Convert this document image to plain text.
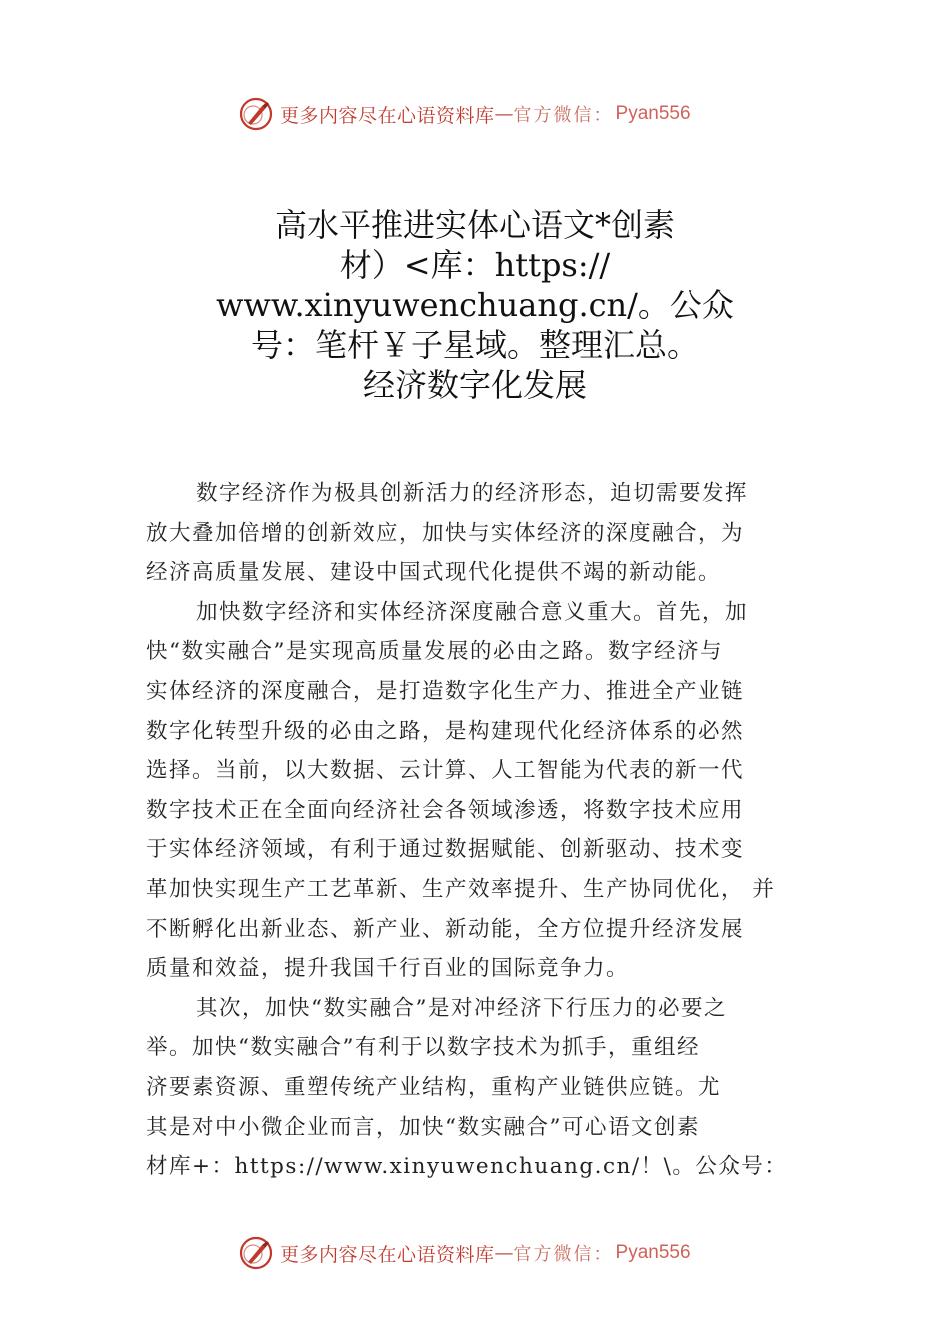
更多内容尽在心语资料库 — 官方微信： Pyan556
高水平推进实体心语文*创素
材）<库：https://
www.xinyuwenchuang.cn/。公众
号：笔杆￥子星域。整理汇总。
经济数字化发展
数字经济作为极具创新活力的经济形态，迫切需要发挥
放大叠加倍增的创新效应，加快与实体经济的深度融合，为
经济高质量发展、建设中国式现代化提供不竭的新动能。
加快数字经济和实体经济深度融合意义重大。首先，加
快“数实融合”是实现高质量发展的必由之路。数字经济与
实体经济的深度融合，是打造数字化生产力、推进全产业链
数字化转型升级的必由之路，是构建现代化经济体系的必然
选择。当前，以大数据、云计算、人工智能为代表的新一代
数字技术正在全面向经济社会各领域渗透，将数字技术应用
于实体经济领域，有利于通过数据赋能、创新驱动、技术变
革加快实现生产工艺革新、生产效率提升、生产协同优化， 并
不断孵化出新业态、新产业、新动能，全方位提升经济发展
质量和效益，提升我国千行百业的国际竞争力。
其次，加快“数实融合”是对冲经济下行压力的必要之
举。加快“数实融合”有利于以数字技术为抓手，重组经
济要素资源、重塑传统产业结构，重构产业链供应链。尤
其是对中小微企业而言，加快“数实融合”可心语文创素
材库+：https://www.xinyuwenchuang.cn/！\。公众号：
更多内容尽在心语资料库 — 官方微信： Pyan556
